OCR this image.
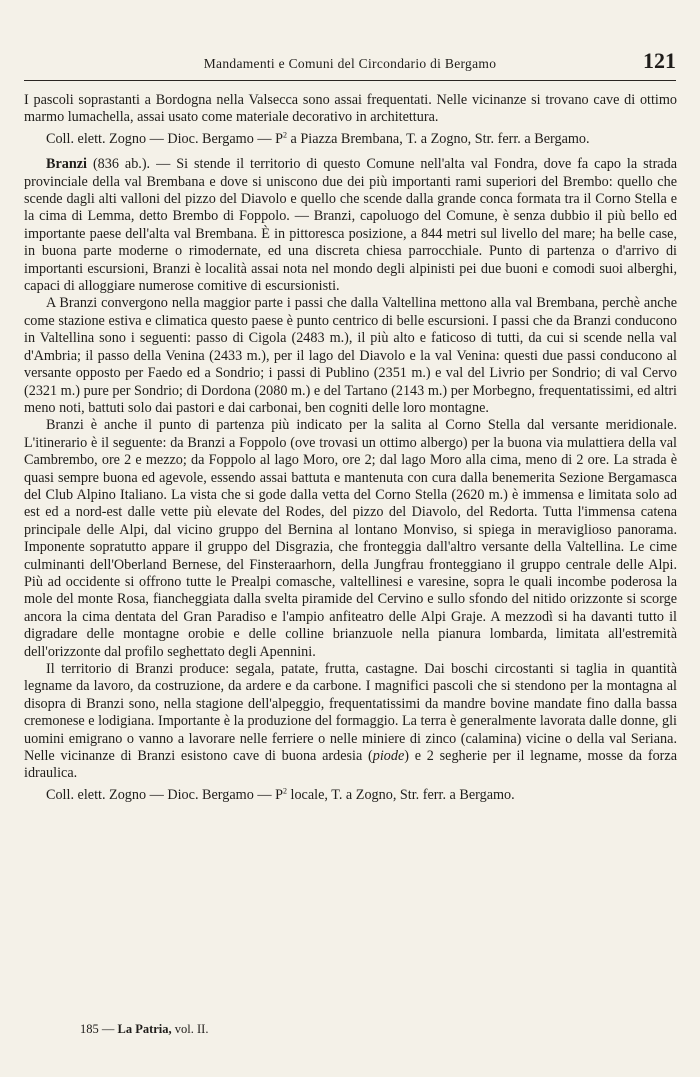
Mandamenti e Comuni del Circondario di Bergamo	121

I pascoli soprastanti a Bordogna nella Valsecca sono assai frequentati. Nelle vicinanze si trovano cave di ottimo marmo lumachella, assai usato come materiale decorativo in architettura.

Coll. elett. Zogno — Dioc. Bergamo — $P^2$ a Piazza Brembana, T. a Zogno, Str. ferr. a Bergamo.

Branzi (836 ab.). — Si stende il territorio di questo Comune nell'alta val Fondra, dove fa capo la strada provinciale della val Brembana e dove si uniscono due dei più importanti rami superiori del Brembo: quello che scende dagli alti valloni del pizzo del Diavolo e quello che scende dalla grande conca formata tra il Corno Stella e la cima di Lemma, detto Brembo di Foppolo. — Branzi, capoluogo del Comune, è senza dubbio il più bello ed importante paese dell'alta val Brembana. È in pittoresca posizione, a 844 metri sul livello del mare; ha belle case, in buona parte moderne o rimodernate, ed una discreta chiesa parrocchiale. Punto di partenza o d'arrivo di importanti escursioni, Branzi è località assai nota nel mondo degli alpinisti pei due buoni e comodi suoi alberghi, capaci di alloggiare numerose comitive di escursionisti.

A Branzi convergono nella maggior parte i passi che dalla Valtellina mettono alla val Brembana, perchè anche come stazione estiva e climatica questo paese è punto centrico di belle escursioni. I passi che da Branzi conducono in Valtellina sono i seguenti: passo di Cigola (2483 m.), il più alto e faticoso di tutti, da cui si scende nella val d'Ambria; il passo della Venina (2433 m.), per il lago del Diavolo e la val Venina: questi due passi conducono al versante opposto per Faedo ed a Sondrio; i passi di Publino (2351 m.) e val del Livrio per Sondrio; di val Cervo (2321 m.) pure per Sondrio; di Dordona (2080 m.) e del Tartano (2143 m.) per Morbegno, frequentatissimi, ed altri meno noti, battuti solo dai pastori e dai carbonai, ben cogniti delle loro montagne.

Branzi è anche il punto di partenza più indicato per la salita al Corno Stella dal versante meridionale. L'itinerario è il seguente: da Branzi a Foppolo (ove trovasi un ottimo albergo) per la buona via mulattiera della val Cambrembo, ore 2 e mezzo; da Foppolo al lago Moro, ore 2; dal lago Moro alla cima, meno di 2 ore. La strada è quasi sempre buona ed agevole, essendo assai battuta e mantenuta con cura dalla benemerita Sezione Bergamasca del Club Alpino Italiano. La vista che si gode dalla vetta del Corno Stella (2620 m.) è immensa e limitata solo ad est ed a nord-est dalle vette più elevate del Rodes, del pizzo del Diavolo, del Redorta. Tutta l'immensa catena principale delle Alpi, dal vicino gruppo del Bernina al lontano Monviso, si spiega in meraviglioso panorama. Imponente sopratutto appare il gruppo del Disgrazia, che fronteggia dall'altro versante della Valtellina. Le cime culminanti dell'Oberland Bernese, del Finsteraarhorn, della Jungfrau fronteggiano il gruppo centrale delle Alpi. Più ad occidente si offrono tutte le Prealpi comasche, valtellinesi e varesine, sopra le quali incombe poderosa la mole del monte Rosa, fiancheggiata dalla svelta piramide del Cervino e sullo sfondo del nitido orizzonte si scorge ancora la cima dentata del Gran Paradiso e l'ampio anfiteatro delle Alpi Graje. A mezzodì si ha davanti tutto il digradare delle montagne orobie e delle colline brianzuole nella pianura lombarda, limitata all'estremità dell'orizzonte dal profilo seghettato degli Apennini.

Il territorio di Branzi produce: segala, patate, frutta, castagne. Dai boschi circostanti si taglia in quantità legname da lavoro, da costruzione, da ardere e da carbone. I magnifici pascoli che si stendono per la montagna al disopra di Branzi sono, nella stagione dell'alpeggio, frequentatissimi da mandre bovine mandate fino dalla bassa cremonese e lodigiana. Importante è la produzione del formaggio. La terra è generalmente lavorata dalle donne, gli uomini emigrano o vanno a lavorare nelle ferriere o nelle miniere di zinco (calamina) vicine o della val Seriana. Nelle vicinanze di Branzi esistono cave di buona ardesia (piode) e 2 segherie per il legname, mosse da forza idraulica.

Coll. elett. Zogno — Dioc. Bergamo — $P^2$ locale, T. a Zogno, Str. ferr. a Bergamo.

185 — La Patria, vol. II.
